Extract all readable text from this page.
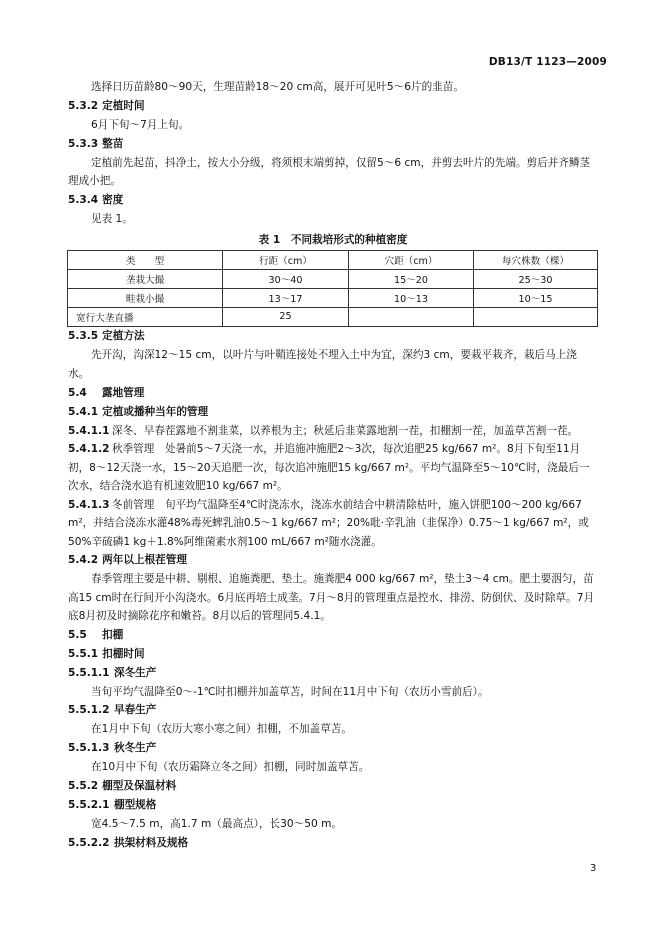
DB13/T 1123—2009

选择日历苗龄80～90天，生理苗龄18～20 cm高，展开可见叶5～6片的韭苗。

5.3.2 定植时间

6月下旬～7月上旬。

5.3.3 整苗

定植前先起苗，抖净土，按大小分级，将须根末端剪掉，仅留5～6 cm，并剪去叶片的先端。剪后并齐鳞茎理成小把。

5.3.4 密度

见表 1。

表 1　不同栽培形式的种植密度

类　　型	行距（cm）	穴距（cm）	每穴株数（棵）
垄栽大撮	30～40	15～20	25～30
畦栽小撮	13～17	10～13	10～15
宽行大垄直播	25		

5.3.5 定植方法

先开沟，沟深12～15 cm，以叶片与叶鞘连接处不埋入土中为宜，深约3 cm，要栽平栽齐，栽后马上浇水。

5.4 露地管理

5.4.1 定植或播种当年的管理

5.4.1.1 深冬、早春茬露地不割韭菜，以养根为主；秋延后韭菜露地割一茬，扣棚割一茬，加盖草苫割一茬。

5.4.1.2 秋季管理　处暑前5～7天浇一水，并追施冲施肥2～3次，每次追肥25 kg/667 m²。8月下旬至11月初，8～12天浇一水，15～20天追肥一次，每次追冲施肥15 kg/667 m²。平均气温降至5～10℃时，浇最后一次水，结合浇水追有机速效肥10 kg/667 m²。

5.4.1.3 冬前管理　旬平均气温降至4℃时浇冻水，浇冻水前结合中耕清除枯叶，施入饼肥100～200 kg/667 m²，并结合浇冻水灌48%毒死蜱乳油0.5～1 kg/667 m²；20%吡·辛乳油（韭保净）0.75～1 kg/667 m²，或50%辛硫磷1 kg＋1.8%阿维菌素水剂100 mL/667 m²随水浇灌。

5.4.2 两年以上根茬管理

春季管理主要是中耕、剔根、追施粪肥、垫土。施粪肥4 000 kg/667 m²，垫土3～4 cm。肥土要洇匀，苗高15 cm时在行间开小沟浇水。6月底再培土成垄。7月～8月的管理重点是控水、排涝、防倒伏、及时除草。7月底8月初及时摘除花序和嫩苔。8月以后的管理同5.4.1。

5.5 扣棚

5.5.1 扣棚时间

5.5.1.1 深冬生产

当旬平均气温降至0～-1℃时扣棚并加盖草苫，时间在11月中下旬（农历小雪前后）。

5.5.1.2 早春生产

在1月中下旬（农历大寒小寒之间）扣棚，不加盖草苫。

5.5.1.3 秋冬生产

在10月中下旬（农历霜降立冬之间）扣棚，同时加盖草苫。

5.5.2 棚型及保温材料

5.5.2.1 棚型规格

宽4.5～7.5 m，高1.7 m（最高点），长30～50 m。

5.5.2.2 拱架材料及规格

3
